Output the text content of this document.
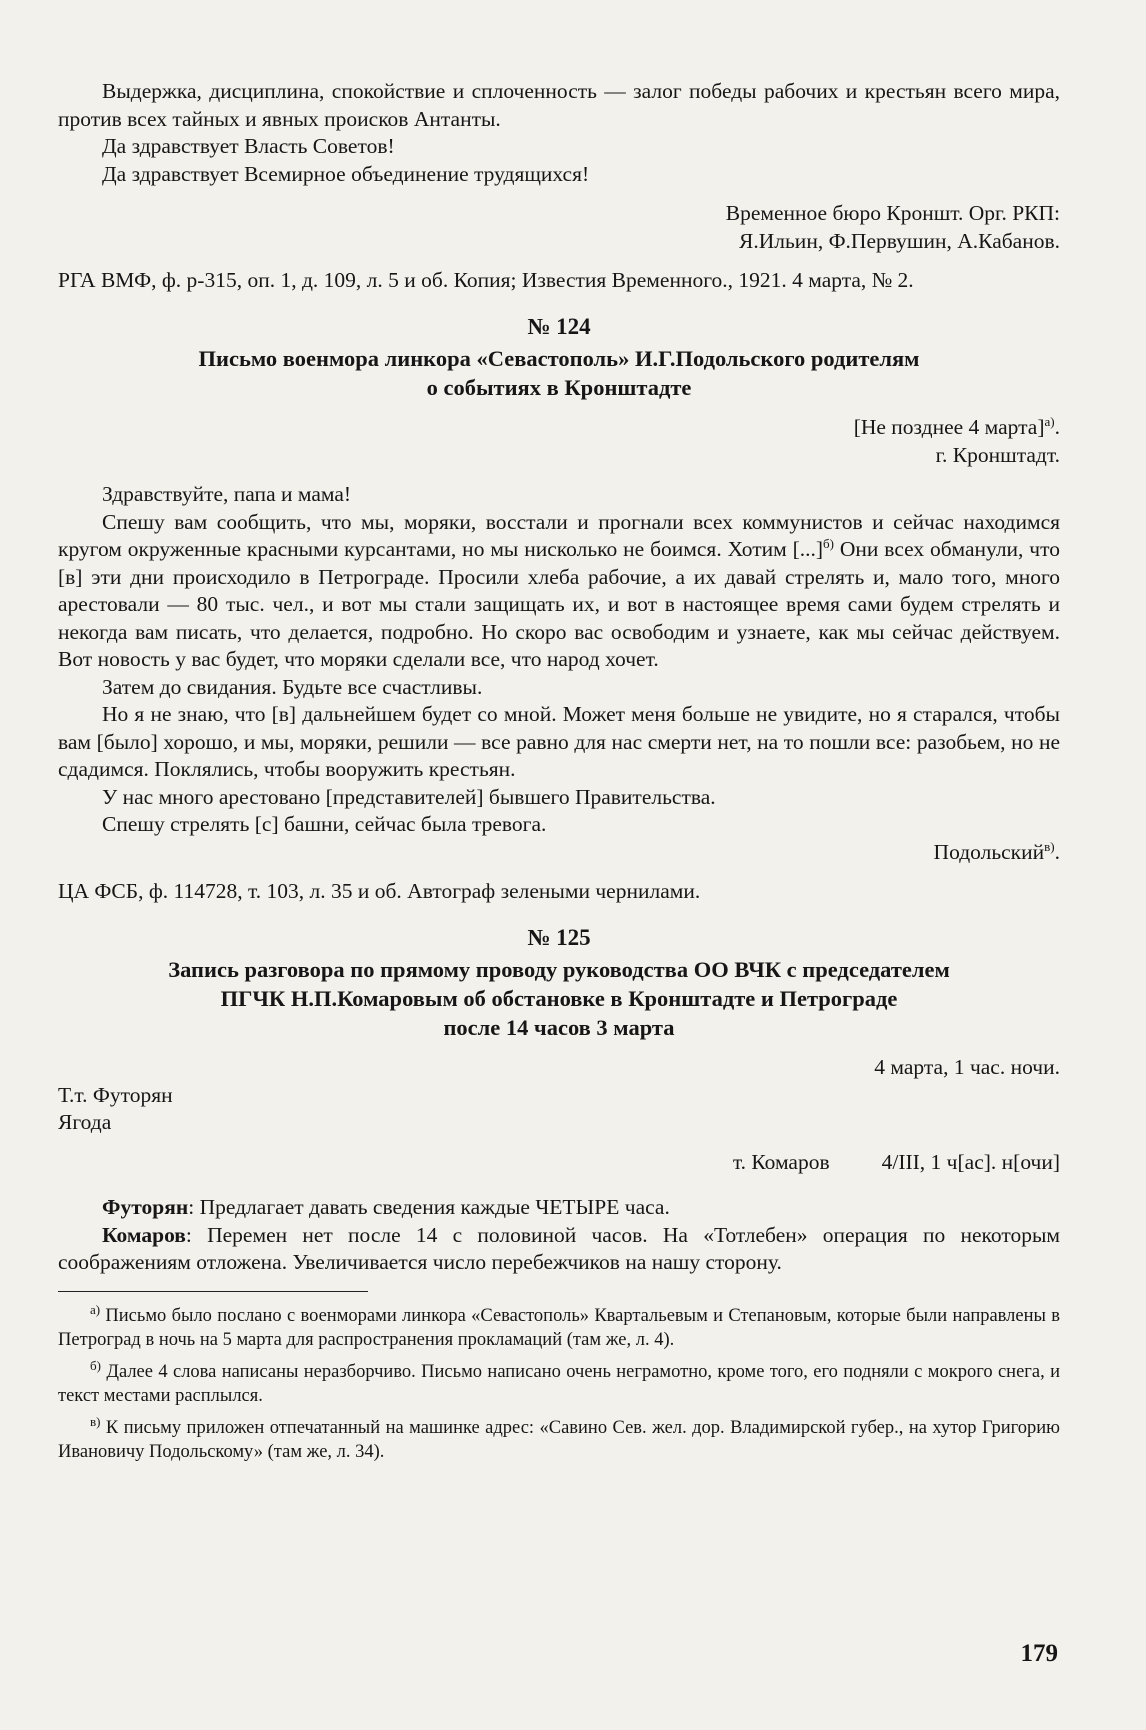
Выдержка, дисциплина, спокойствие и сплоченность — залог победы рабочих и крестьян всего мира, против всех тайных и явных происков Антанты.

Да здравствует Власть Советов!

Да здравствует Всемирное объединение трудящихся!

Временное бюро Кроншт. Орг. РКП:

Я.Ильин, Ф.Первушин, А.Кабанов.

РГА ВМФ, ф. р-315, оп. 1, д. 109, л. 5 и об. Копия; Известия Временного., 1921. 4 марта, № 2.

№ 124

Письмо военмора линкора «Севастополь» И.Г.Подольского родителям
о событиях в Кронштадте

[Не позднее 4 марта]$^{а)}$.

г. Кронштадт.

Здравствуйте, папа и мама!

Спешу вам сообщить, что мы, моряки, восстали и прогнали всех коммунистов и сейчас находимся кругом окруженные красными курсантами, но мы нисколько не боимся. Хотим [...]$^{б)}$ Они всех обманули, что [в] эти дни происходило в Петрограде. Просили хлеба рабочие, а их давай стрелять и, мало того, много арестовали — 80 тыс. чел., и вот мы стали защищать их, и вот в настоящее время сами будем стрелять и некогда вам писать, что делается, подробно. Но скоро вас освободим и узнаете, как мы сейчас действуем. Вот новость у вас будет, что моряки сделали все, что народ хочет.

Затем до свидания. Будьте все счастливы.

Но я не знаю, что [в] дальнейшем будет со мной. Может меня больше не увидите, но я старался, чтобы вам [было] хорошо, и мы, моряки, решили — все равно для нас смерти нет, на то пошли все: разобьем, но не сдадимся. Поклялись, чтобы вооружить крестьян.

У нас много арестовано [представителей] бывшего Правительства.

Спешу стрелять [с] башни, сейчас была тревога.

Подольский$^{в)}$.

ЦА ФСБ, ф. 114728, т. 103, л. 35 и об. Автограф зелеными чернилами.

№ 125

Запись разговора по прямому проводу руководства ОО ВЧК с председателем
ПГЧК Н.П.Комаровым об обстановке в Кронштадте и Петрограде
после 14 часов 3 марта

4 марта, 1 час. ночи.

Т.т. Футорян

Ягода

т. Комаров 4/III, 1 ч[ас]. н[очи]

Футорян: Предлагает давать сведения каждые ЧЕТЫРЕ часа.

Комаров: Перемен нет после 14 с половиной часов. На «Тотлебен» операция по некоторым соображениям отложена. Увеличивается число перебежчиков на нашу сторону.

$^{а)}$ Письмо было послано с военморами линкора «Севастополь» Квартальевым и Степановым, которые были направлены в Петроград в ночь на 5 марта для распространения прокламаций (там же, л. 4).

$^{б)}$ Далее 4 слова написаны неразборчиво. Письмо написано очень неграмотно, кроме того, его подняли с мокрого снега, и текст местами расплылся.

$^{в)}$ К письму приложен отпечатанный на машинке адрес: «Савино Сев. жел. дор. Владимирской губер., на хутор Григорию Ивановичу Подольскому» (там же, л. 34).

179
